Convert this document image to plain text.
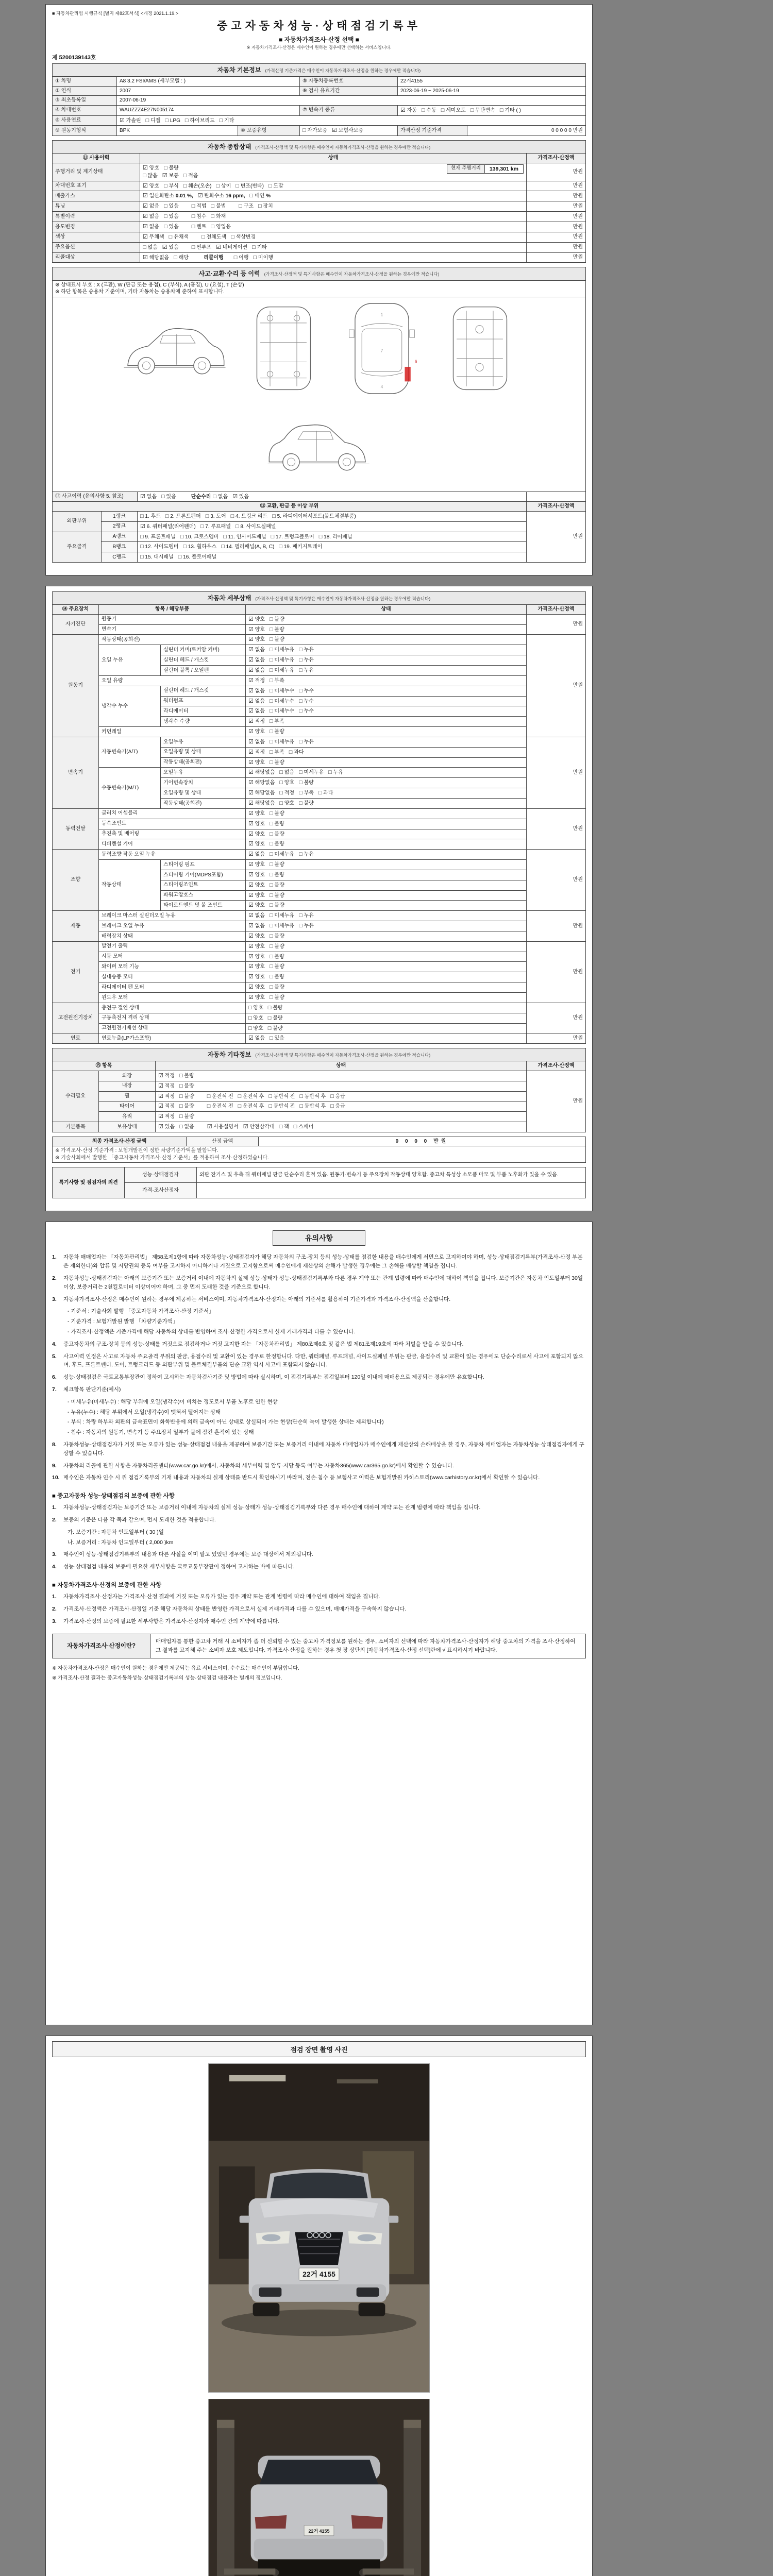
■ 자동차관리법 시행규칙 [별지 제82호서식] <개정 2021.1.19.>
중고자동차성능·상태점검기록부
■ 자동차가격조사·산정 선택 ■
※ 자동차가격조사·산정은 매수인이 원하는 경우에만 선택하는 서비스입니다.
제 5200139143호
자동차 기본정보 (가격산정 기준가격은 매수인이 자동차가격조사·산정을 원하는 경우에만 적습니다)					
① 차명	A8 3.2 FSI/AMS (세부모델 : )		⑤ 자동차등록번호	22거4155	
② 연식	2007		⑥ 검사 유효기간	2023-06-19 ~ 2025-06-19	
③ 최초등록일	2007-06-19				
④ 차대번호	WAUZZZ4E27N005174		⑦ 변속기 종류	☑ 자동 □ 수동 □ 세미오토 □ 무단변속 □ 기타 ( )	
⑧ 사용연료	☑ 가솔린 □ 디젤 □ LPG □ 하이브리드 □ 기타				
⑨ 원동기형식	BPK	⑩ 보증유형	□ 자가보증 ☑ 보험사보증	가격산정 기준가격	0 0 0 0 0 만원
자동차 종합상태 (가격조사·산정액 및 특기사항은 매수인이 자동차가격조사·산정을 원하는 경우에만 적습니다)		
⑪ 사용이력	상태	가격조사·산정액
주행거리 및 계기상태	현재 주행거리 139,301 km
☑ 양호 □ 불량
□ 많음 ☑ 보통 □ 적음	만원
차대번호 표기	☑ 양호 □ 부식 □ 훼손(오손) □ 상이 □ 변조(변타) □ 도말	만원
배출가스	☑ 일산화탄소 0.01 %, ☑ 탄화수소 16 ppm, □ 매연 %	만원
튜닝	☑ 없음 □ 있음 □ 적법 □ 불법 □ 구조 □ 장치	만원
특별이력	☑ 없음 □ 있음 □ 침수 □ 화재	만원
용도변경	☑ 없음 □ 있음 □ 렌트 □ 영업용	만원
색상	☑ 무채색 □ 유채색 □ 전체도색 □ 색상변경	만원
주요옵션	□ 없음 ☑ 있음 □ 썬루프 ☑ 네비게이션 □ 기타	만원
리콜대상	☑ 해당없음 □ 해당 리콜이행 □ 이행 □ 미이행	만원
사고·교환·수리 등 이력 (가격조사·산정액 및 특기사항은 매수인이 자동차가격조사·산정을 원하는 경우에만 적습니다)			

※ 상태표시 부호 : X (교환), W (판금 또는 용접), C (부식), A (흠집), U (요철), T (손상)
※ 하단 항목은 승용차 기준이며, 기타 자동차는 승용차에 준하여 표시합니다.			

1
7
4
6			

⑫ 사고이력 (유의사항 5. 참조)		☑ 없음 □ 있음 단순수리 □ 없음 ☑ 있음	
⑬ 교환, 판금 등 이상 부위			가격조사·산정액
외판부위	1랭크	□ 1. 후드 □ 2. 프론트펜더 □ 3. 도어 □ 4. 트렁크 리드 □ 5. 라디에이터서포트(볼트체결부품)	만원
	2랭크	☑ 6. 쿼터패널(리어펜더) □ 7. 루프패널 □ 8. 사이드실패널	
주요골격	A랭크	□ 9. 프론트패널 □ 10. 크로스멤버 □ 11. 인사이드패널 □ 17. 트렁크플로어 □ 18. 리어패널	
	B랭크	□ 12. 사이드멤버 □ 13. 휠하우스 □ 14. 필러패널(A, B, C) □ 19. 패키지트레이	
	C랭크	□ 15. 대시패널 □ 16. 플로어패널	
자동차 세부상태 (가격조사·산정액 및 특기사항은 매수인이 자동차가격조사·산정을 원하는 경우에만 적습니다)				
⑭ 주요장치	항목 / 해당부품		상태	가격조사·산정액
자기진단	원동기		☑ 양호 □ 불량	만원
	변속기		☑ 양호 □ 불량	
원동기	작동상태(공회전)		☑ 양호 □ 불량	만원
	오일 누유	실린더 커버(로커암 커버)	☑ 없음 □ 미세누유 □ 누유	
		실린더 헤드 / 개스킷	☑ 없음 □ 미세누유 □ 누유	
		실린더 블록 / 오일팬	☑ 없음 □ 미세누유 □ 누유	
	오일 유량		☑ 적정 □ 부족	
	냉각수 누수	실린더 헤드 / 개스킷	☑ 없음 □ 미세누수 □ 누수	
		워터펌프	☑ 없음 □ 미세누수 □ 누수	
		라디에이터	☑ 없음 □ 미세누수 □ 누수	
		냉각수 수량	☑ 적정 □ 부족	
	커먼레일		☑ 양호 □ 불량	
변속기	자동변속기(A/T)	오일누유	☑ 없음 □ 미세누유 □ 누유	만원
		오일유량 및 상태	☑ 적정 □ 부족 □ 과다	
		작동상태(공회전)	☑ 양호 □ 불량	
	수동변속기(M/T)	오일누유	☑ 해당없음 □ 없음 □ 미세누유 □ 누유	
		기어변속장치	☑ 해당없음 □ 양호 □ 불량	
		오일유량 및 상태	☑ 해당없음 □ 적정 □ 부족 □ 과다	
		작동상태(공회전)	☑ 해당없음 □ 양호 □ 불량	
동력전달	클러치 어셈블리		☑ 양호 □ 불량	만원
	등속조인트		☑ 양호 □ 불량	
	추진축 및 베어링		☑ 양호 □ 불량	
	디퍼렌셜 기어		☑ 양호 □ 불량	
조향	동력조향 작동 오일 누유		☑ 없음 □ 미세누유 □ 누유	만원
	작동상태	스티어링 펌프	☑ 양호 □ 불량	
		스티어링 기어(MDPS포함)	☑ 양호 □ 불량	
		스티어링조인트	☑ 양호 □ 불량	
		파워고압호스	☑ 양호 □ 불량	
		타이로드엔드 및 볼 조인트	☑ 양호 □ 불량	
제동	브레이크 마스터 실린더오일 누유		☑ 없음 □ 미세누유 □ 누유	만원
	브레이크 오일 누유		☑ 없음 □ 미세누유 □ 누유	
	배력장치 상태		☑ 양호 □ 불량	
전기	발전기 출력		☑ 양호 □ 불량	만원
	시동 모터		☑ 양호 □ 불량	
	와이퍼 모터 기능		☑ 양호 □ 불량	
	실내송풍 모터		☑ 양호 □ 불량	
	라디에이터 팬 모터		☑ 양호 □ 불량	
	윈도우 모터		☑ 양호 □ 불량	
고전원전기장치	충전구 절연 상태		□ 양호 □ 불량	만원
	구동축전지 격리 상태		□ 양호 □ 불량	
	고전원전기배선 상태		□ 양호 □ 불량	
연료	연료누출(LP가스포함)		☑ 없음 □ 있음	만원
자동차 기타정보 (가격조사·산정액 및 특기사항은 매수인이 자동차가격조사·산정을 원하는 경우에만 적습니다)			
⑮ 항목		상태	가격조사·산정액
수리필요	외장	☑ 적정 □ 불량	만원
	내장	☑ 적정 □ 불량	
	휠	☑ 적정 □ 불량 □ 운전석 전 □ 운전석 후 □ 동반석 전 □ 동반석 후 □ 응급	
	타이어	☑ 적정 □ 불량 □ 운전석 전 □ 운전석 후 □ 동반석 전 □ 동반석 후 □ 응급	
	유리	☑ 적정 □ 불량	
기본품목	보유상태	☑ 있음 □ 없음 ☑ 사용설명서 ☑ 안전삼각대 □ 잭 □ 스패너	
최종 가격조사·산정 금액	산정 금액	0 0 0 0 만원

※ 가격조사·산정 기준가격 : 보험개발원이 정한 차량기준가액을 말합니다.
※ 기술사회에서 발행한 「중고자동차 가격조사·산정 기준서」를 적용하여 조사·산정하였습니다.
특기사항 및 점검자의 의견	성능·상태점검자	외판 잔기스 및 우측 뒤 쿼터패널 판금 단순수리 흔적 있음. 원동기·변속기 등 주요장치 작동상태 양호함. 중고차 특성상 소모품 마모 및 부품 노후화가 있을 수 있음.
	가격·조사산정자	
유의사항
1.	자동차 매매업자는 「자동차관리법」 제58조제1항에 따라 자동차성능·상태점검자가 해당 자동차의 구조·장치 등의 성능·상태를 점검한 내용을 매수인에게 서면으로 고지하여야 하며, 성능·상태점검기록부(가격조사·산정 부분은 제외한다)와 압류 및 저당권의 등록 여부를 고지하지 아니하거나 거짓으로 고지함으로써 매수인에게 재산상의 손해가 발생한 경우에는 그 손해를 배상할 책임을 집니다.
2.	자동차성능·상태점검자는 아래의 보증기간 또는 보증거리 이내에 자동차의 실제 성능·상태가 성능·상태점검기록부와 다른 경우 계약 또는 관계 법령에 따라 매수인에 대하여 책임을 집니다. 보증기간은 자동차 인도일부터 30일 이상, 보증거리는 2천킬로미터 이상이어야 하며, 그 중 먼저 도래한 것을 기준으로 합니다.
3.	자동차가격조사·산정은 매수인이 원하는 경우에 제공하는 서비스이며, 자동차가격조사·산정자는 아래의 기준서를 활용하여 기준가격과 가격조사·산정액을 산출합니다.
- 기준서 : 기술사회 발행 「중고자동차 가격조사·산정 기준서」
- 기준가격 : 보험개발원 발행 「차량기준가액」
- 가격조사·산정액은 기준가격에 해당 자동차의 상태를 반영하여 조사·산정한 가격으로서 실제 거래가격과 다를 수 있습니다.
4.	중고자동차의 구조·장치 등의 성능·상태를 거짓으로 점검하거나 거짓 고지한 자는 「자동차관리법」 제80조제6호 및 같은 법 제81조제19호에 따라 처벌을 받을 수 있습니다.
5.	사고이력 인정은 사고로 자동차 주요골격 부위의 판금, 용접수리 및 교환이 있는 경우로 한정합니다. 다만, 쿼터패널, 루프패널, 사이드실패널 부위는 판금, 용접수리 및 교환이 있는 경우에도 단순수리로서 사고에 포함되지 않으며, 후드, 프론트펜더, 도어, 트렁크리드 등 외판부위 및 볼트체결부품의 단순 교환 역시 사고에 포함되지 않습니다.
6.	성능·상태점검은 국토교통부장관이 정하여 고시하는 자동차검사기준 및 방법에 따라 실시하며, 이 점검기록부는 점검일부터 120일 이내에 매매용으로 제공되는 경우에만 유효합니다.
7.	체크항목 판단기준(예시)
- 미세누유(미세누수) : 해당 부위에 오일(냉각수)이 비치는 정도로서 부품 노후로 인한 현상
- 누유(누수) : 해당 부위에서 오일(냉각수)이 맺혀서 떨어지는 상태
- 부식 : 차량 하부와 외판의 금속표면이 화학반응에 의해 금속이 아닌 상태로 상실되어 가는 현상(단순히 녹이 발생한 상태는 제외합니다)
- 침수 : 자동차의 원동기, 변속기 등 주요장치 일부가 물에 잠긴 흔적이 있는 상태
8.	자동차성능·상태점검자가 거짓 또는 오류가 있는 성능·상태점검 내용을 제공하여 보증기간 또는 보증거리 이내에 자동차 매매업자가 매수인에게 재산상의 손해배상을 한 경우, 자동차 매매업자는 자동차성능·상태점검자에게 구상할 수 있습니다.
9.	자동차의 리콜에 관한 사항은 자동차리콜센터(www.car.go.kr)에서, 자동차의 세부이력 및 압류·저당 등록 여부는 자동차365(www.car365.go.kr)에서 확인할 수 있습니다.
10. 매수인은 자동차 인수 시 위 점검기록부의 기재 내용과 자동차의 실제 상태를 반드시 확인하시기 바라며, 전손·침수 등 보험사고 이력은 보험개발원 카히스토리(www.carhistory.or.kr)에서 확인할 수 있습니다.
■ 중고자동차 성능·상태점검의 보증에 관한 사항
1.	자동차성능·상태점검자는 보증기간 또는 보증거리 이내에 자동차의 실제 성능·상태가 성능·상태점검기록부와 다른 경우 매수인에 대하여 계약 또는 관계 법령에 따라 책임을 집니다.
2.	보증의 기준은 다음 각 목과 같으며, 먼저 도래한 것을 적용합니다.
가. 보증기간 : 자동차 인도일부터 ( 30 )일
나. 보증거리 : 자동차 인도일부터 ( 2,000 )km
3.	매수인이 성능·상태점검기록부의 내용과 다른 사실을 이미 알고 있었던 경우에는 보증 대상에서 제외됩니다.
4.	성능·상태점검 내용의 보증에 필요한 세부사항은 국토교통부장관이 정하여 고시하는 바에 따릅니다.
■ 자동차가격조사·산정의 보증에 관한 사항
1.	자동차가격조사·산정자는 가격조사·산정 결과에 거짓 또는 오류가 있는 경우 계약 또는 관계 법령에 따라 매수인에 대하여 책임을 집니다.
2.	가격조사·산정액은 가격조사·산정일 기준 해당 자동차의 상태를 반영한 가격으로서 실제 거래가격과 다를 수 있으며, 매매가격을 구속하지 않습니다.
3.	가격조사·산정의 보증에 필요한 세부사항은 가격조사·산정자와 매수인 간의 계약에 따릅니다.
자동차가격조사·산정이란?	매매업자를 통한 중고차 거래 시 소비자가 좀 더 신뢰할 수 있는 중고차 가격정보를 원하는 경우, 소비자의 선택에 따라 자동차가격조사·산정자가 해당 중고차의 가격을 조사·산정하여 그 결과를 고지해 주는 소비자 보호 제도입니다. 가격조사·산정을 원하는 경우 첫 장 상단의 [자동차가격조사·산정 선택]란에 √ 표시하시기 바랍니다.
※ 자동차가격조사·산정은 매수인이 원하는 경우에만 제공되는 유료 서비스이며, 수수료는 매수인이 부담합니다.
※ 가격조사·산정 결과는 중고자동차성능·상태점검기록부의 성능·상태점검 내용과는 별개의 정보입니다.
점검 장면 촬영 사진
22거 4155
22거 4155
